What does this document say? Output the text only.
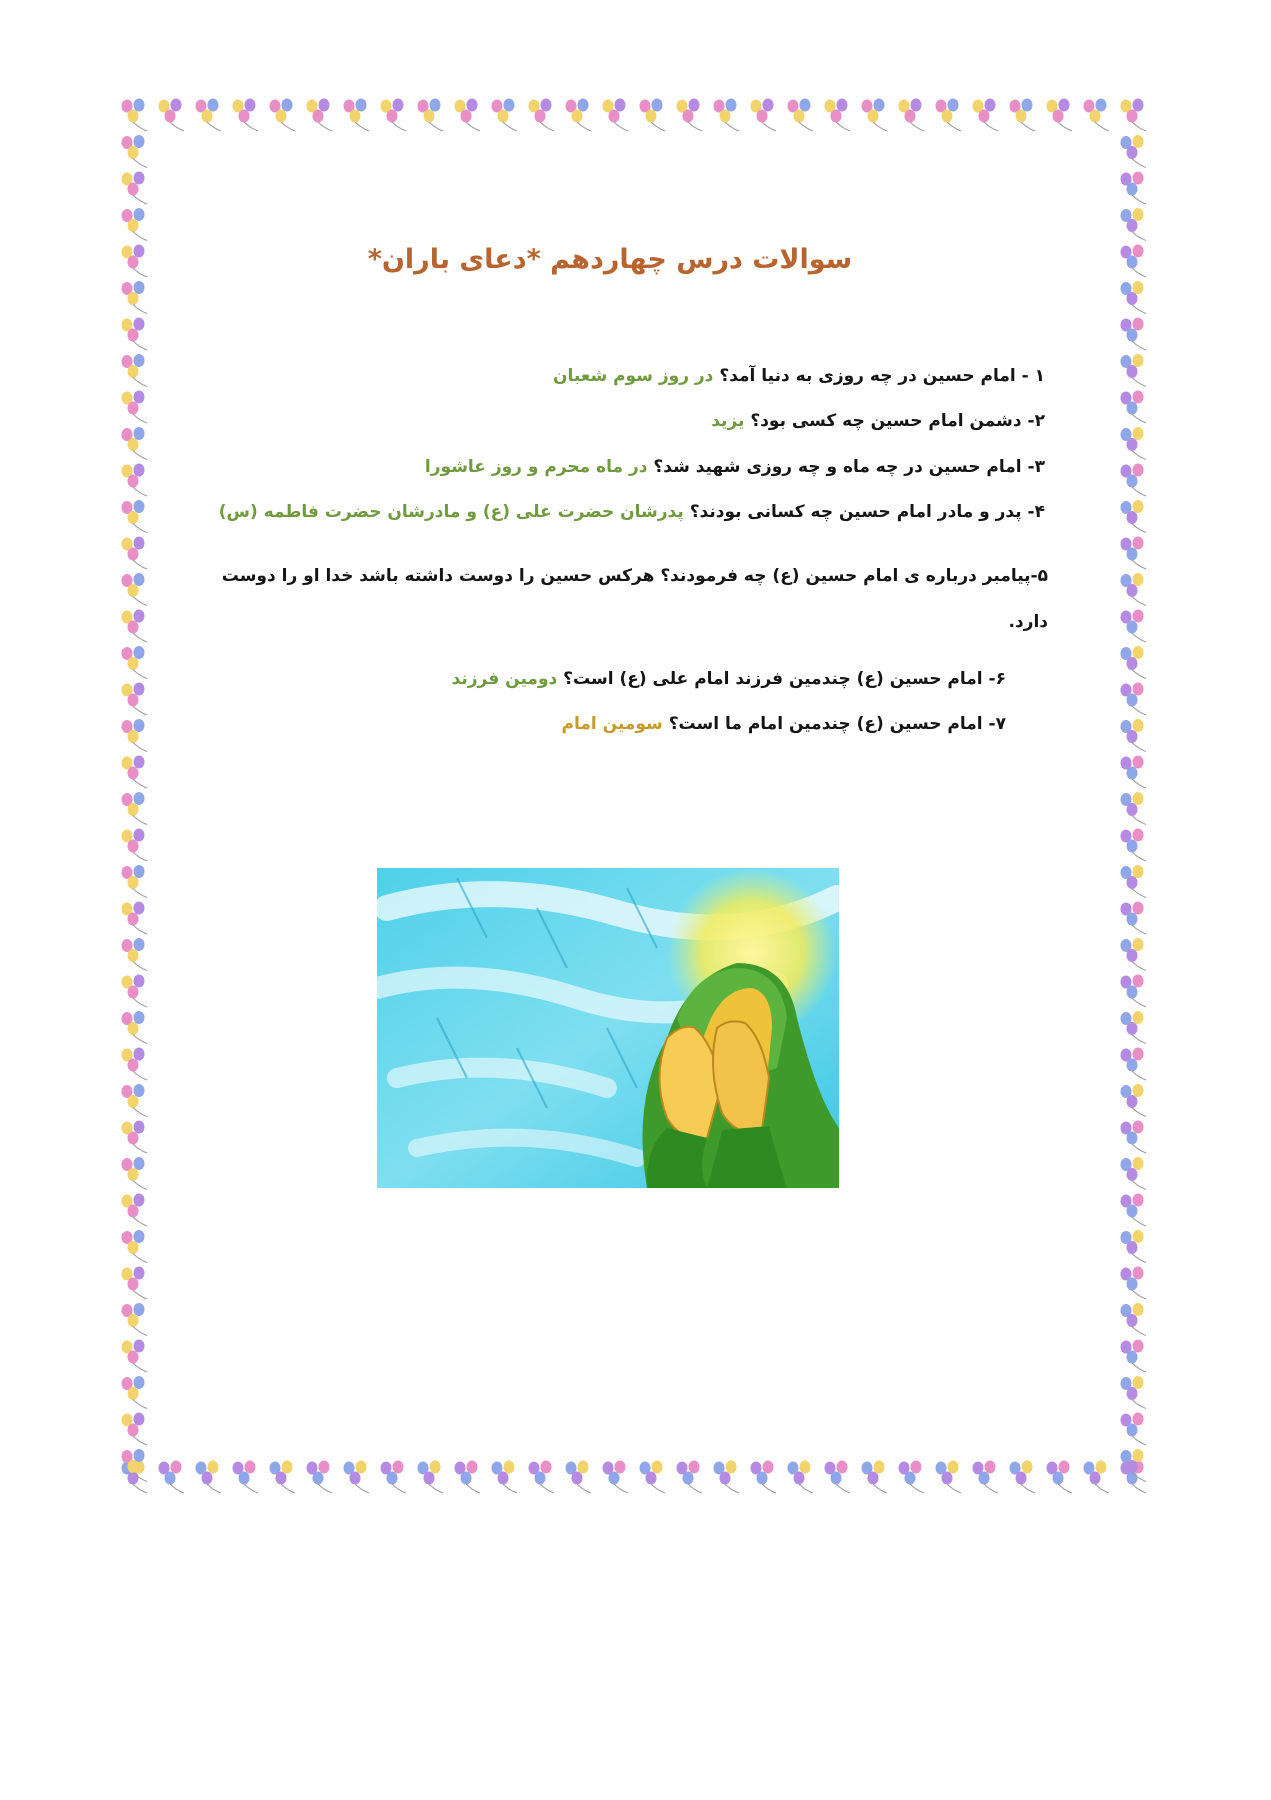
سوالات درس چهاردهم *دعای باران*
۱ - امام حسین در چه روزی به دنیا آمد؟ در روز سوم شعبان
۲- دشمن امام حسین چه کسی بود؟ یزید
۳- امام حسین در چه ماه و چه روزی شهید شد؟ در ماه محرم و روز عاشورا
۴- پدر و مادر امام حسین چه کسانی بودند؟ پدرشان حضرت علی (ع) و مادرشان حضرت فاطمه (س)
۵-پیامبر درباره ی امام حسین (ع) چه فرمودند؟ هرکس حسین را دوست داشته باشد خدا او را دوست دارد.
۶- امام حسین (ع) چندمین فرزند امام علی (ع) است؟ دومین فرزند
۷- امام حسین (ع) چندمین امام ما است؟ سومین امام
